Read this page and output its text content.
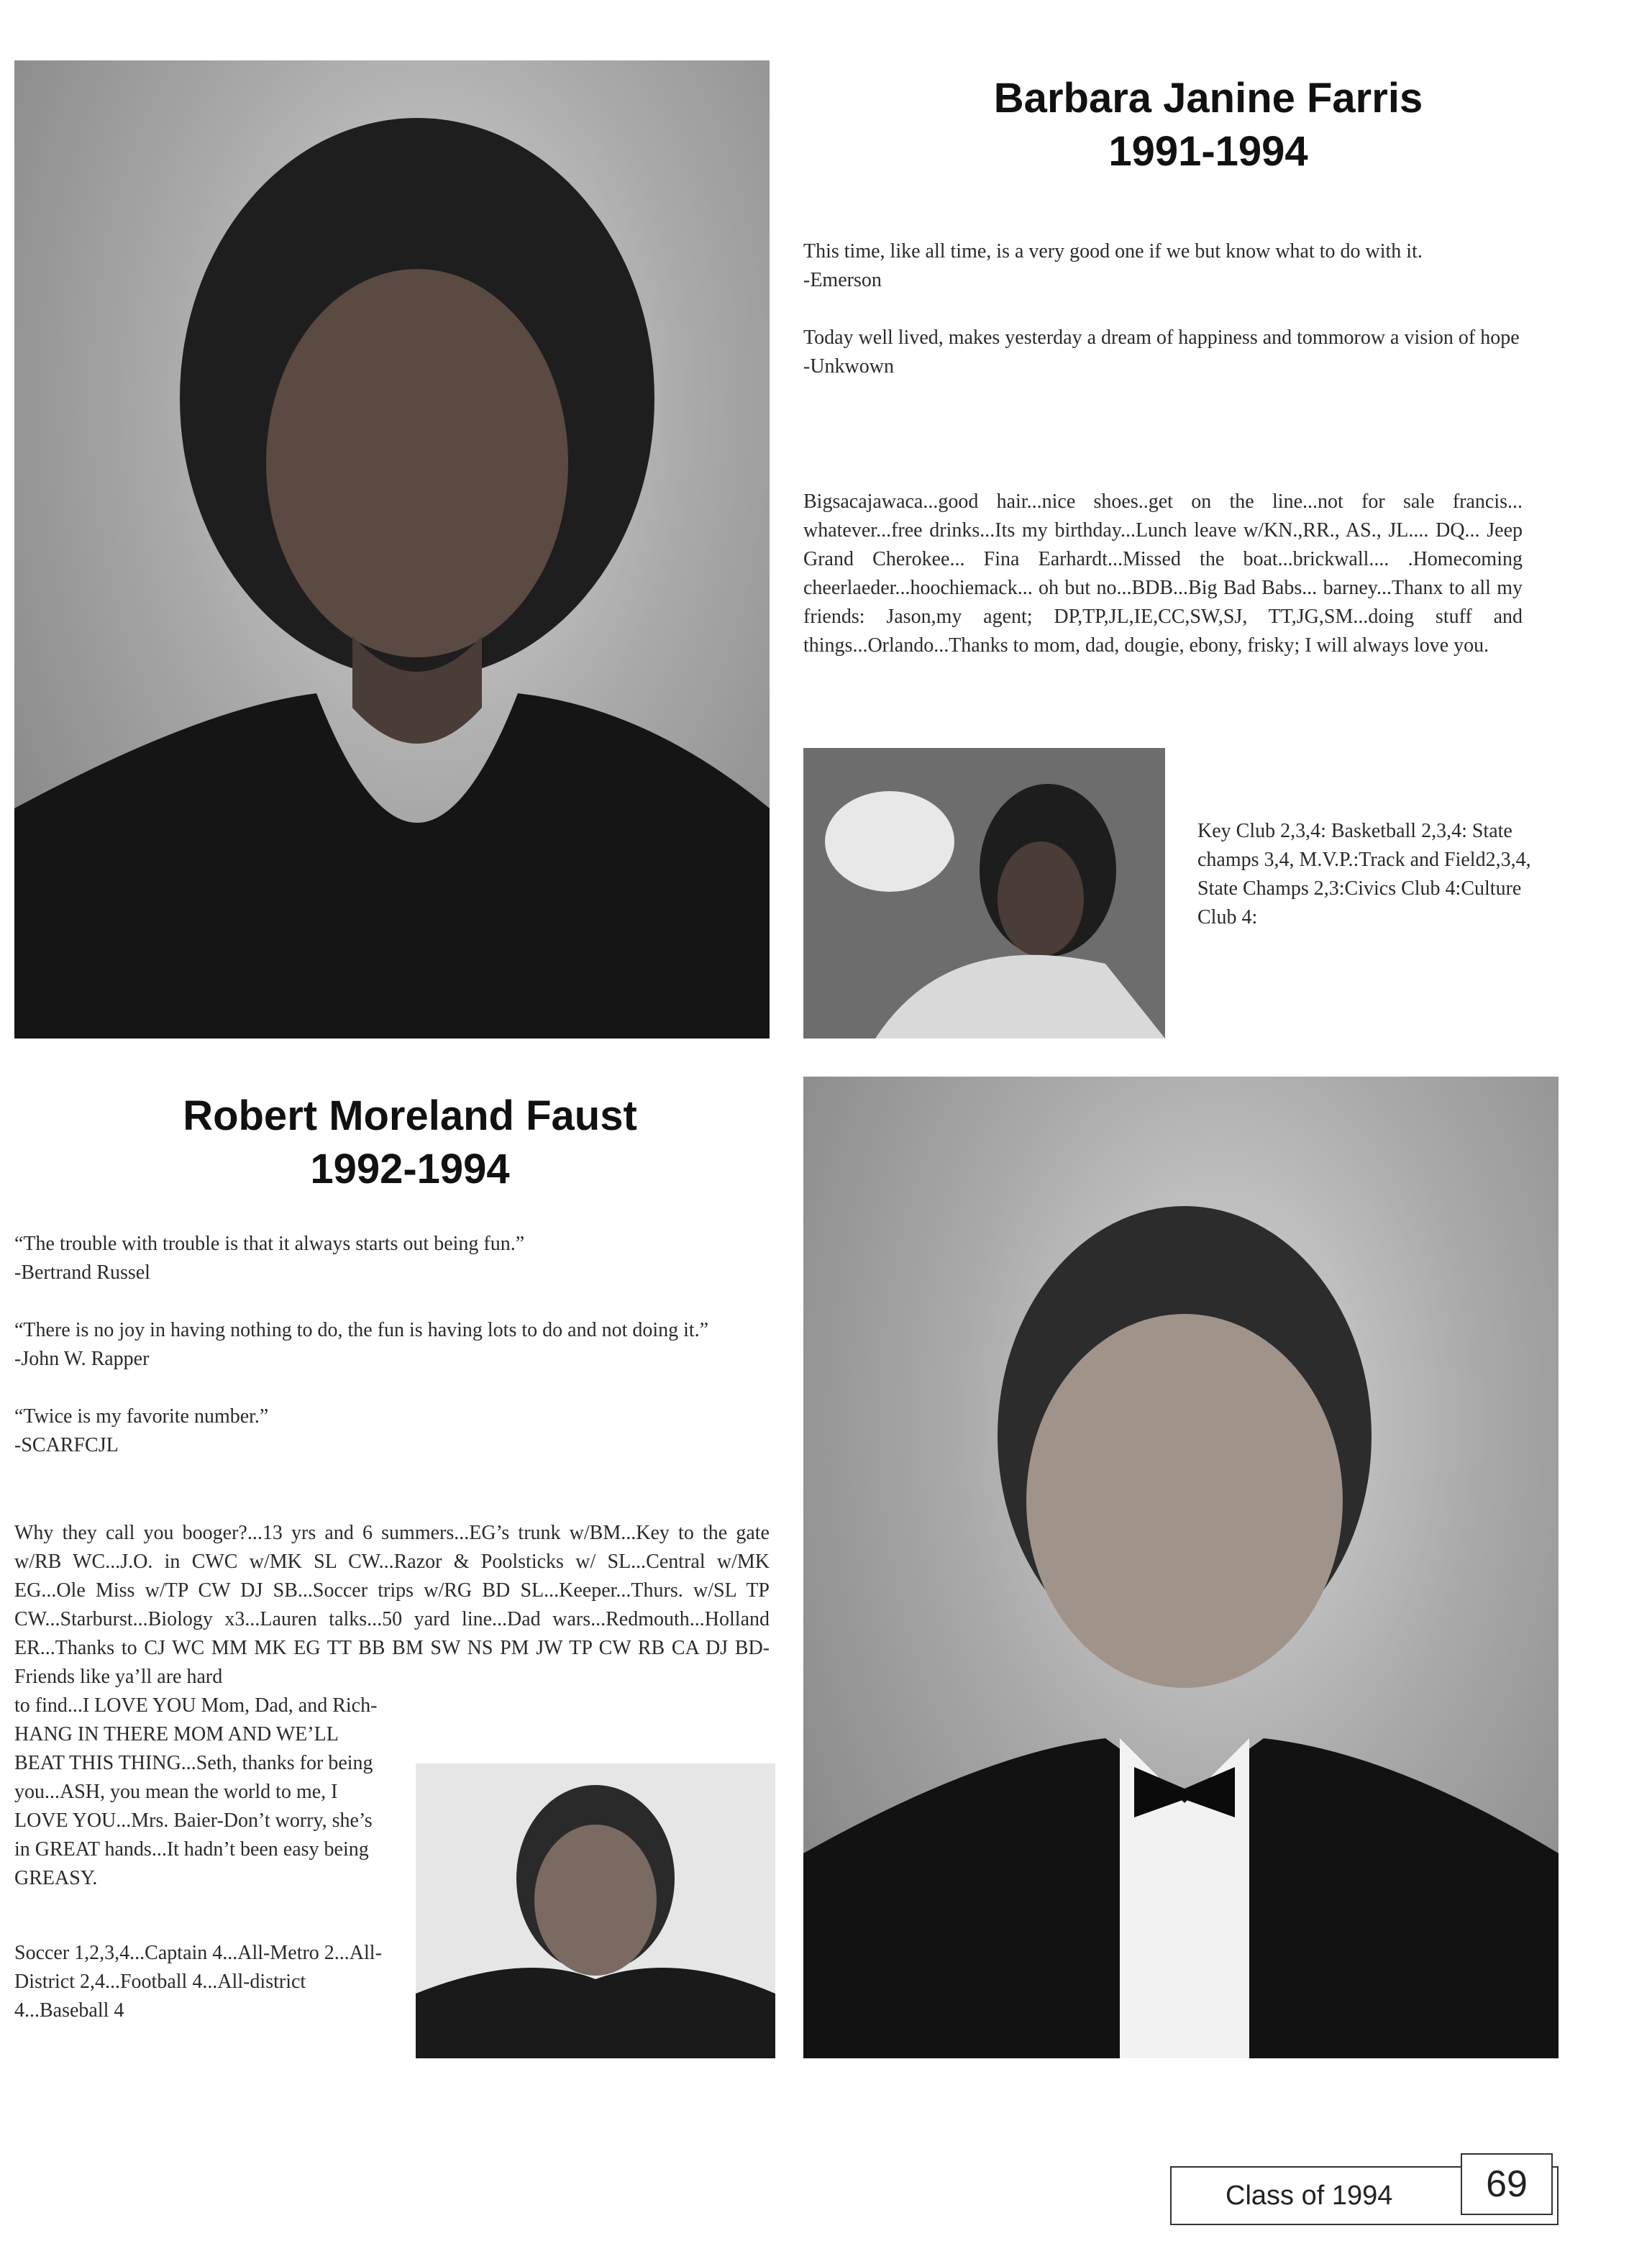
Barbara Janine Farris
1991-1994

This time, like all time, is a very good one if we but know what to do with it.

-Emerson

Today well lived, makes yesterday a dream of happiness and tommorow a vision of hope

-Unkwown

Bigsacajawaca...good hair...nice shoes..get on the line...not for sale francis... whatever...free drinks...Its my birthday...Lunch leave w/KN.,RR., AS., JL.... DQ... Jeep Grand Cherokee... Fina Earhardt...Missed the boat...brickwall.... .Homecoming cheerlaeder...hoochiemack... oh but no...BDB...Big Bad Babs... barney...Thanx to all my friends: Jason,my agent; DP,TP,JL,IE,CC,SW,SJ, TT,JG,SM...doing stuff and things...Orlando...Thanks to mom, dad, dougie, ebony, frisky; I will always love you.

Key Club 2,3,4: Basketball 2,3,4: State champs 3,4, M.V.P.:Track and Field2,3,4, State Champs 2,3:Civics Club 4:Culture Club 4:

Robert Moreland Faust
1992-1994

“The trouble with trouble is that it always starts out being fun.”

-Bertrand Russel

“There is no joy in having nothing to do, the fun is having lots to do and not doing it.”

-John W. Rapper

“Twice is my favorite number.”

-SCARFCJL

Why they call you booger?...13 yrs and 6 summers...EG’s trunk w/BM...Key to the gate w/RB WC...J.O. in CWC w/MK SL CW...Razor & Poolsticks w/ SL...Central w/MK EG...Ole Miss w/TP CW DJ SB...Soccer trips w/RG BD SL...Keeper...Thurs. w/SL TP CW...Starburst...Biology x3...Lauren talks...50 yard line...Dad wars...Redmouth...Holland ER...Thanks to CJ WC MM MK EG TT BB BM SW NS PM JW TP CW RB CA DJ BD-Friends like ya’ll are hard

to find...I LOVE YOU Mom, Dad, and Rich-HANG IN THERE MOM AND WE’LL BEAT THIS THING...Seth, thanks for being you...ASH, you mean the world to me, I LOVE YOU...Mrs. Baier-Don’t worry, she’s in GREAT hands...It hadn’t been easy being GREASY.

Soccer 1,2,3,4...Captain 4...All-Metro 2...All-District 2,4...Football 4...All-district 4...Baseball 4

Class of 1994	69
